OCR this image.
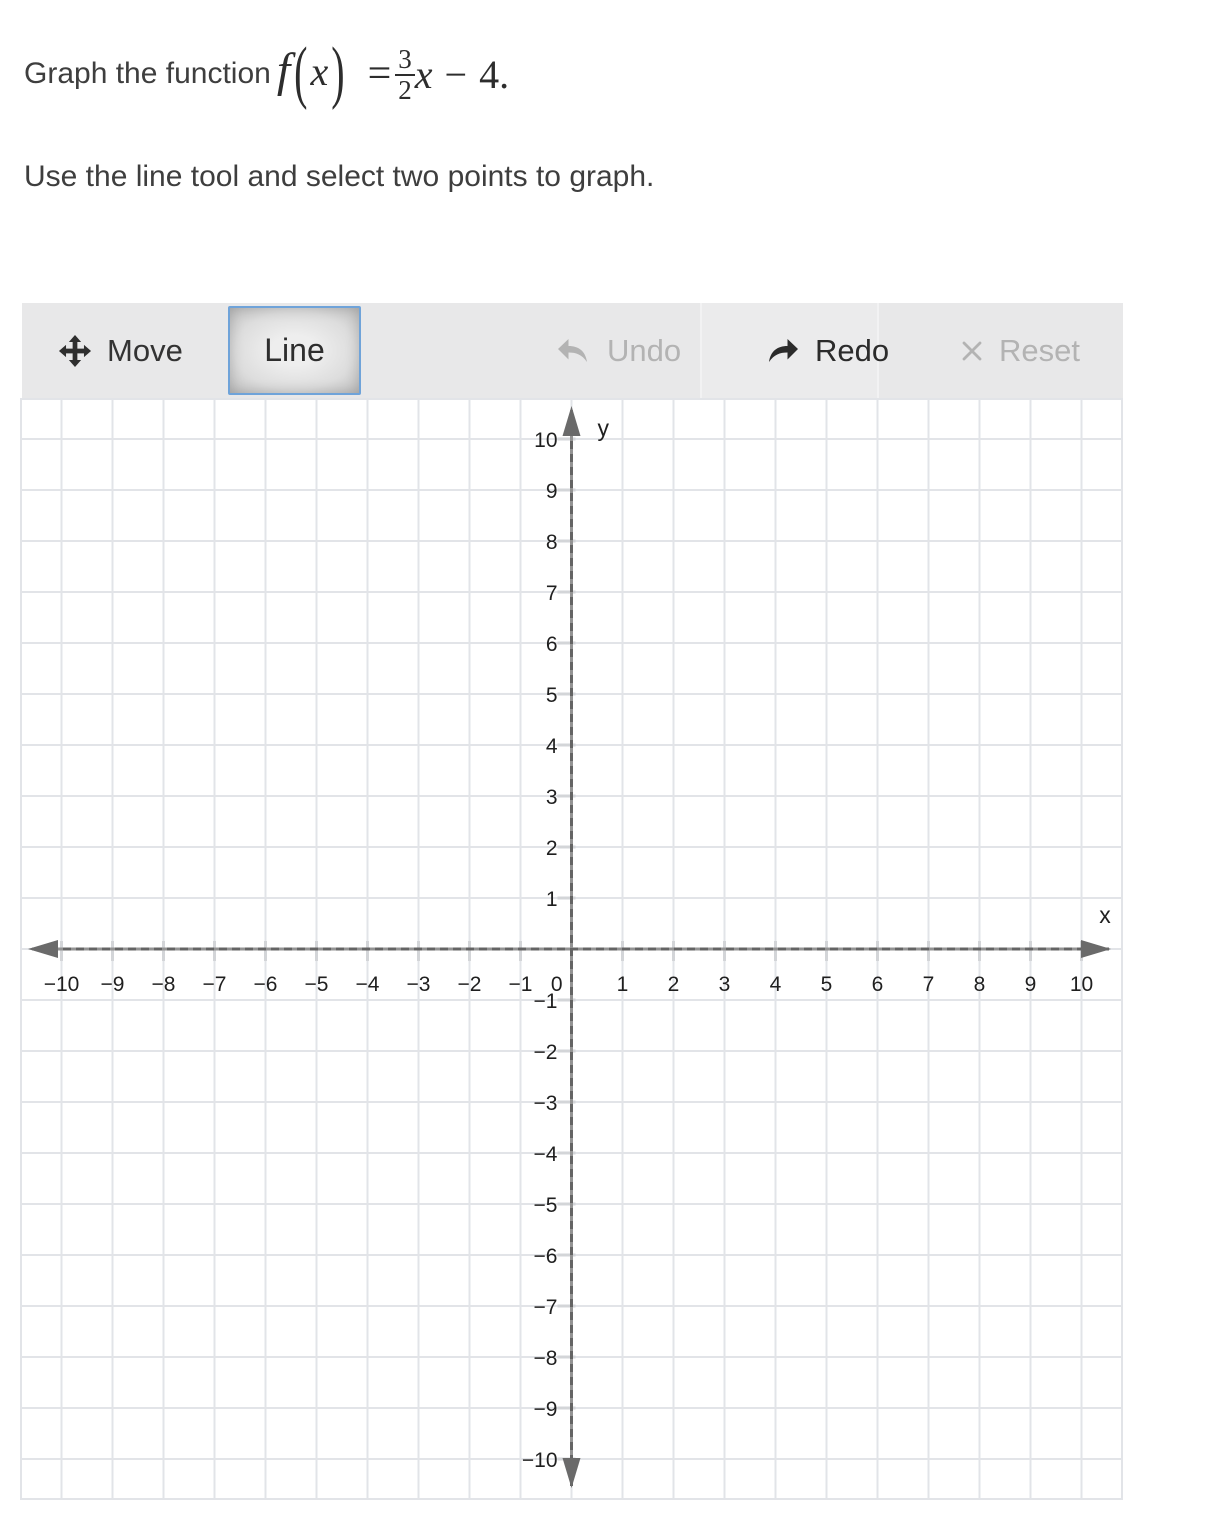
Graph the function f ( x ) = $\frac{3}{2}$ x − 4.
Use the line tool and select two points to graph.
Move	Line	Undo	Redo	Reset
−10
−10
−9
−9
−8
−8
−7
−7
−6
−6
−5
−5
−4
−4
−3
−3
−2
−2
−1
−1
1
1
2
2
3
3
4
4
5
5
6
6
7
7
8
8
9
9
10
10
0
x
y
